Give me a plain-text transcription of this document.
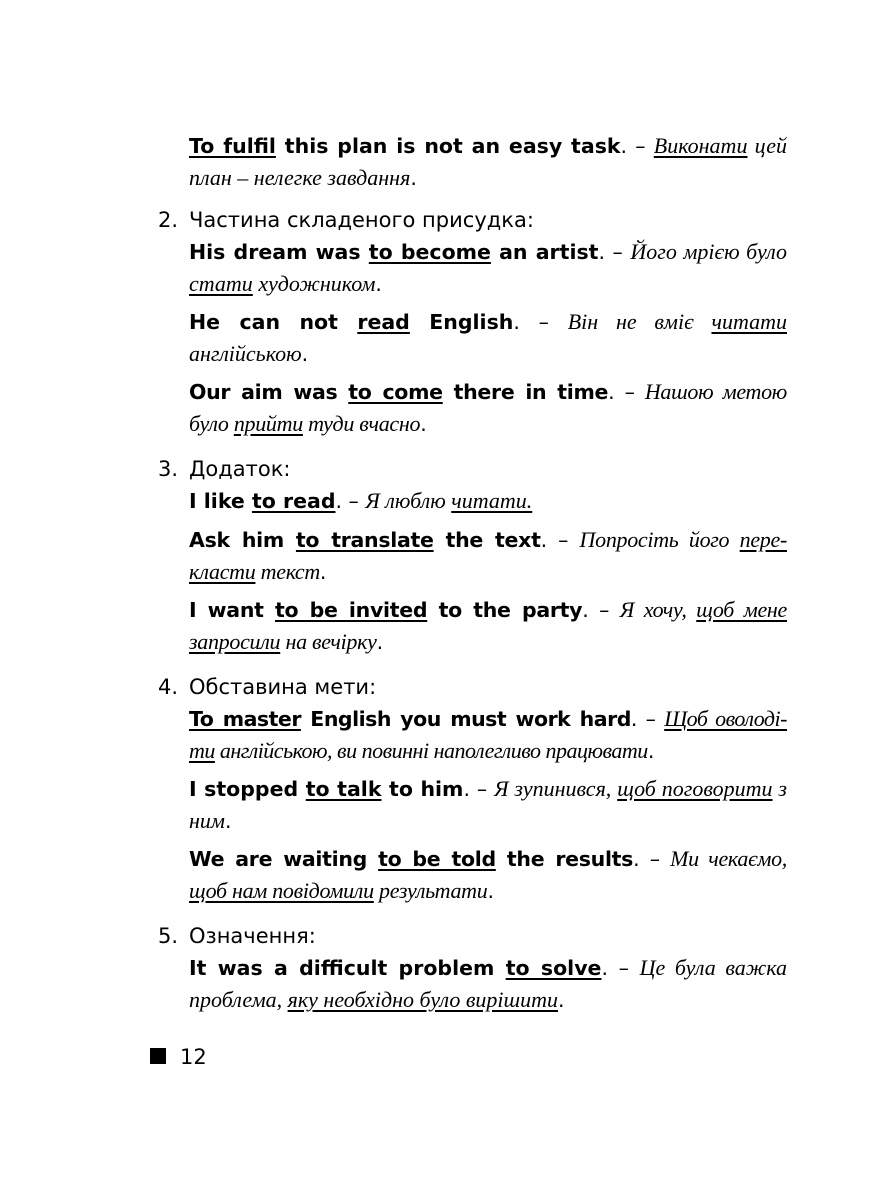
To fulfil this plan is not an easy task. – Виконати цей план – нелегке завдання.
2. Частина складеного присудка:
His dream was to become an artist. – Його мрією було стати художником.
He can not read English. – Він не вміє читати англійською.
Our aim was to come there in time. – Нашою метою було прийти туди вчасно.
3. Додаток:
I like to read. – Я люблю читати.
Ask him to translate the text. – Попросіть його пере-класти текст.
I want to be invited to the party. – Я хочу, щоб мене запросили на вечірку.
4. Обставина мети:
To master English you must work hard. – Щоб оволоді-ти англійською, ви повинні наполегливо працювати.
I stopped to talk to him. – Я зупинився, щоб поговорити з ним.
We are waiting to be told the results. – Ми чекаємо, щоб нам повідомили результати.
5. Означення:
It was a difficult problem to solve. – Це була важка проблема, яку необхідно було вирішити.
12
